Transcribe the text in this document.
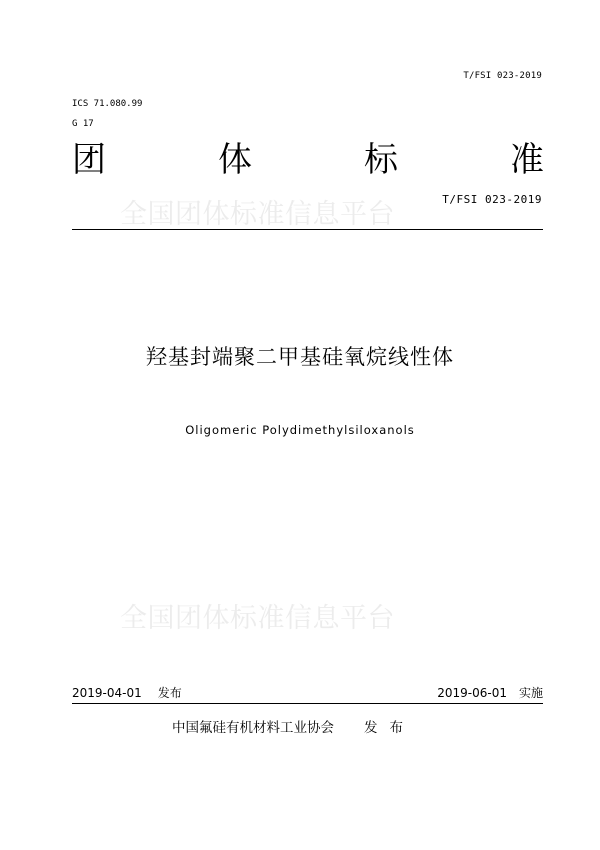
T/FSI 023-2019
ICS 71.080.99
G 17
全国团体标准信息平台
团	体	标	准
T/FSI 023-2019
羟基封端聚二甲基硅氧烷线性体
Oligomeric Polydimethylsiloxanols
全国团体标准信息平台
2019-04-01 发布	2019-06-01 实施
中国氟硅有机材料工业协会 发布
